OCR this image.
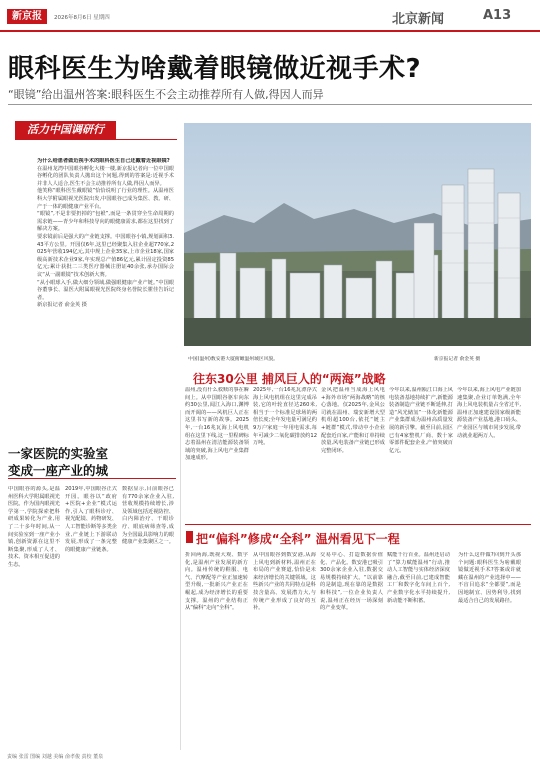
新京报	2026年8月6日 星期四	北京新闻	A13
眼科医生为啥戴着眼镜做近视手术?
“眼镜”给出温州答案:眼科医生不会主动推荐所有人做,得因人而异
活力中国调研行

为什么给患者做近视手术的眼科医生自己还戴着近视眼镜?

在温州龙湾中国眼谷孵化大楼一楼,新京报记者向一位中国眼谷孵化的团队负责人抛出这个问题,得到的答案是:近视手术并非人人适合,医生不会主动推荐所有人做,得因人而异。

他笑称“眼科医生戴眼镜”恰恰说明了行业的理性。从温州医科大学附属眼视光医院出发,中国眼谷已成为集医、教、研、产于一体的眼健康产业平台。

“眼镜”,不是非要扔掉的“包袱”,而是一条贯穿全生命周期的需求链——青少年和科技导向的眼健康需求,都在这里找到了解决方案。

要求镜前后是强大的产业链支撑。中国眼谷小镇,规划面积3.43平方公里。开园仅6年,这里已经聚集入驻企业超770家,2025年营收194亿元,其中规上企业35家,上市企业18家,国家级高新技术企业9家,年实现总产值86亿元,累计固定投资85亿元;累计获批二三类医疗器械注册证40余张,承办国际会议“从一副眼镜”技术创新大赛。

“从小眼球入手,做大细分领域,做强眼健康产业产链。”中国眼谷董事长、温医大附属眼视光医院终身名誉院长瞿佳告诉记者。

新京报记者 俞金英 摄

中国(温州)数安港大厦俯瞰温州城区风貌。	新京报记者 俞金英 摄
往东30公里 捕风巨人的“两海”战略
温州,没有什么救赎的事在瞬间上。从中国眼谷驱车向东约30公里,闻江入海口,渊博而开阔的——风机巨人正在这里书写新的故事。2025年,一台16兆瓦海上风电机组在这里下线,这一里程碑标志着温州在清洁能源装备领域的突破,海上风电产业集群加速成形。
2025年,一台16兆瓦漂浮式海上风电机组在这里完成吊装,它的叶轮直径达260米,相当于一个标准足球场的两倍长度;全年发电量可满足约9万户家庭一年用电需求,每年可减少二氧化碳排放约12万吨。
金风把温州当成海上风电+海外市场“两海战略”的核心落地。仅2025年,金风公司就在温州、瑞安新增大型机组超100台,依托“链主+链群”模式,带动中小企业配套近百家,产能和订单持续放量,风电装备产业链已形成完整闭环。
今年以来,温州瓯江口海上风电装备基地持续扩产,新能源装备制造产业链不断延伸,打造“风光储氢”一体化新能源产业集群成为温州高质量发展的新引擎。截至目前,园区已有4家整机厂商、数十家零部件配套企业,产值突破百亿元。
今年以来,海上风电产业链加速集聚,企业订单饱满,全年海上风电装机量占全省过半,温州正加速建设国家级新能源装备产业基地,港口码头、产业园区与城市同步发展,带动就业超两万人。
一家医院的实验室
变成一座产业的城
中国眼谷的源头,是温州医科大学附属眼视光医院。作为国内眼视光学第一,学院探索把科研成果转化为产业,用了二十多年时间,从一间实验室到一座产业小镇,创新资源在这里不断集聚,形成了人才、技术、资本相互促进的生态。
2019年,中国眼谷正式开园。眼谷以“政府+医院+企业”模式运作,引入了眼科诊疗、视光配镜、药物研发、人工智能诊断等多类企业,产业链上下游联动发展,形成了一条完整的眼健康产业链条。
数据显示,目前眼谷已有770余家企业入驻,营收规模持续增长,涉及领域包括近视防控、白内障治疗、干眼诊疗、眼底病筛查等,成为全国最具影响力的眼健康产业集聚区之一。 把“偏科”修成“全科” 温州看见下一程
折回两海,既视大观、数字化,是温州产业发展的新方向。温州传统的鞋服、电气、汽摩配等产业正加速转型升级,一批新兴产业正在崛起,成为经济增长的重要支撑。温州的产业结构正从“偏科”走向“全科”。
从中国眼谷到数安港,从海上风电到新材料,温州正在布局的产业赛道,恰恰是未来经济增长的关键领域。这些新兴产业的共同特点是科技含量高、发展潜力大,与传统产业形成了良好的互补。
交易中心、打造数据价值化、产品化。数安港已吸引300余家企业入驻,数据交易规模持续扩大。“以前靠的是制造,现在靠的是数据和科技”,一位企业负责人说,温州正在经历一场深刻的产业变革。
赋能千行百业。温州还启动了“算力赋能温州”行动,推动人工智能与实体经济深度融合,截至目前,已建成智能工厂和数字化车间上百个,产业数字化水平持续提升,新动能不断积蓄。
为什么这样做?回到开头那个问题:眼科医生为啥戴眼镜做近视手术?答案或许就藏在温州的产业选择中——不盲目追求“全都要”,而是因地制宜、因势利导,找到最适合自己的发展路径。
责编 张雷 图编 刘越 美编 俞孝俊 责校 董泉
